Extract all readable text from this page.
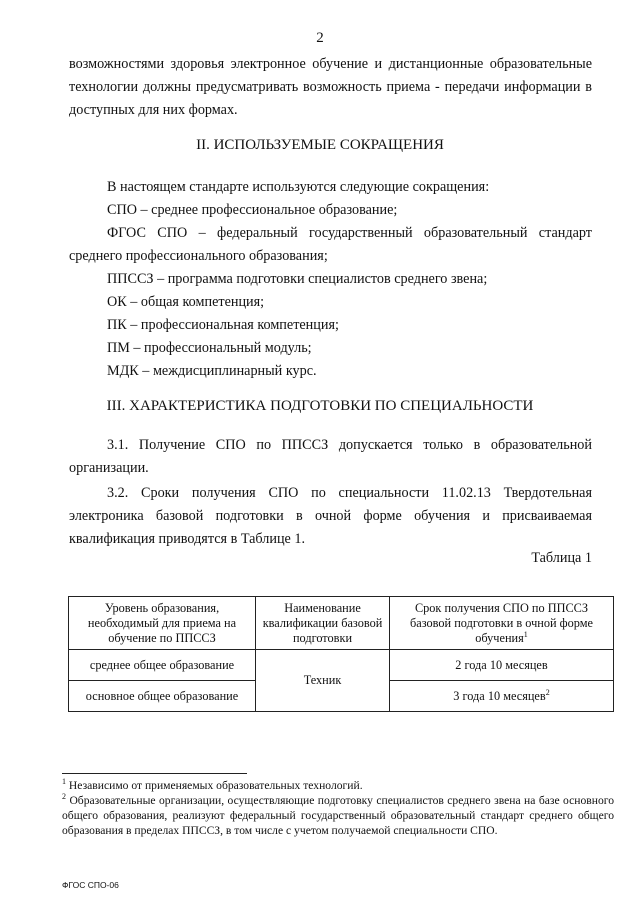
2
возможностями здоровья электронное обучение и дистанционные образовательные технологии должны предусматривать возможность приема - передачи информации в доступных для них формах.
II. ИСПОЛЬЗУЕМЫЕ СОКРАЩЕНИЯ
В настоящем стандарте используются следующие сокращения:
СПО – среднее профессиональное образование;
ФГОС СПО – федеральный государственный образовательный стандарт среднего профессионального образования;
ППССЗ – программа подготовки специалистов среднего звена;
ОК – общая компетенция;
ПК – профессиональная компетенция;
ПМ – профессиональный модуль;
МДК – междисциплинарный курс.
III. ХАРАКТЕРИСТИКА ПОДГОТОВКИ ПО СПЕЦИАЛЬНОСТИ
3.1. Получение СПО по ППССЗ допускается только в образовательной организации.
3.2. Сроки получения СПО по специальности 11.02.13 Твердотельная электроника базовой подготовки в очной форме обучения и присваиваемая квалификация приводятся в Таблице 1.
Таблица 1
Уровень образования, необходимый для приема на обучение по ППССЗ	Наименование квалификации базовой подготовки	Срок получения СПО по ППССЗ базовой подготовки в очной форме обучения$^1$
среднее общее образование	Техник	2 года 10 месяцев
основное общее образование		3 года 10 месяцев$^2$
$^1$ Независимо от применяемых образовательных технологий.
$^2$ Образовательные организации, осуществляющие подготовку специалистов среднего звена на базе основного общего образования, реализуют федеральный государственный образовательный стандарт среднего общего образования в пределах ППССЗ, в том числе с учетом получаемой специальности СПО.
ФГОС СПО-06
